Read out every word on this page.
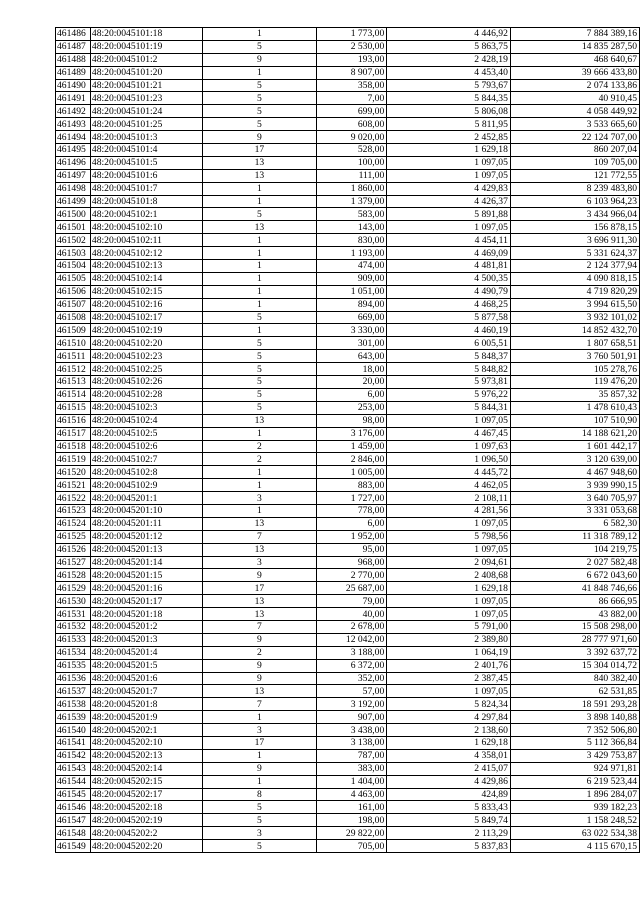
461486	48:20:0045101:18	1	1 773,00	4 446,92	7 884 389,16
461487	48:20:0045101:19	5	2 530,00	5 863,75	14 835 287,50
461488	48:20:0045101:2	9	193,00	2 428,19	468 640,67
461489	48:20:0045101:20	1	8 907,00	4 453,40	39 666 433,80
461490	48:20:0045101:21	5	358,00	5 793,67	2 074 133,86
461491	48:20:0045101:23	5	7,00	5 844,35	40 910,45
461492	48:20:0045101:24	5	699,00	5 806,08	4 058 449,92
461493	48:20:0045101:25	5	608,00	5 811,95	3 533 665,60
461494	48:20:0045101:3	9	9 020,00	2 452,85	22 124 707,00
461495	48:20:0045101:4	17	528,00	1 629,18	860 207,04
461496	48:20:0045101:5	13	100,00	1 097,05	109 705,00
461497	48:20:0045101:6	13	111,00	1 097,05	121 772,55
461498	48:20:0045101:7	1	1 860,00	4 429,83	8 239 483,80
461499	48:20:0045101:8	1	1 379,00	4 426,37	6 103 964,23
461500	48:20:0045102:1	5	583,00	5 891,88	3 434 966,04
461501	48:20:0045102:10	13	143,00	1 097,05	156 878,15
461502	48:20:0045102:11	1	830,00	4 454,11	3 696 911,30
461503	48:20:0045102:12	1	1 193,00	4 469,09	5 331 624,37
461504	48:20:0045102:13	1	474,00	4 481,81	2 124 377,94
461505	48:20:0045102:14	1	909,00	4 500,35	4 090 818,15
461506	48:20:0045102:15	1	1 051,00	4 490,79	4 719 820,29
461507	48:20:0045102:16	1	894,00	4 468,25	3 994 615,50
461508	48:20:0045102:17	5	669,00	5 877,58	3 932 101,02
461509	48:20:0045102:19	1	3 330,00	4 460,19	14 852 432,70
461510	48:20:0045102:20	5	301,00	6 005,51	1 807 658,51
461511	48:20:0045102:23	5	643,00	5 848,37	3 760 501,91
461512	48:20:0045102:25	5	18,00	5 848,82	105 278,76
461513	48:20:0045102:26	5	20,00	5 973,81	119 476,20
461514	48:20:0045102:28	5	6,00	5 976,22	35 857,32
461515	48:20:0045102:3	5	253,00	5 844,31	1 478 610,43
461516	48:20:0045102:4	13	98,00	1 097,05	107 510,90
461517	48:20:0045102:5	1	3 176,00	4 467,45	14 188 621,20
461518	48:20:0045102:6	2	1 459,00	1 097,63	1 601 442,17
461519	48:20:0045102:7	2	2 846,00	1 096,50	3 120 639,00
461520	48:20:0045102:8	1	1 005,00	4 445,72	4 467 948,60
461521	48:20:0045102:9	1	883,00	4 462,05	3 939 990,15
461522	48:20:0045201:1	3	1 727,00	2 108,11	3 640 705,97
461523	48:20:0045201:10	1	778,00	4 281,56	3 331 053,68
461524	48:20:0045201:11	13	6,00	1 097,05	6 582,30
461525	48:20:0045201:12	7	1 952,00	5 798,56	11 318 789,12
461526	48:20:0045201:13	13	95,00	1 097,05	104 219,75
461527	48:20:0045201:14	3	968,00	2 094,61	2 027 582,48
461528	48:20:0045201:15	9	2 770,00	2 408,68	6 672 043,60
461529	48:20:0045201:16	17	25 687,00	1 629,18	41 848 746,66
461530	48:20:0045201:17	13	79,00	1 097,05	86 666,95
461531	48:20:0045201:18	13	40,00	1 097,05	43 882,00
461532	48:20:0045201:2	7	2 678,00	5 791,00	15 508 298,00
461533	48:20:0045201:3	9	12 042,00	2 389,80	28 777 971,60
461534	48:20:0045201:4	2	3 188,00	1 064,19	3 392 637,72
461535	48:20:0045201:5	9	6 372,00	2 401,76	15 304 014,72
461536	48:20:0045201:6	9	352,00	2 387,45	840 382,40
461537	48:20:0045201:7	13	57,00	1 097,05	62 531,85
461538	48:20:0045201:8	7	3 192,00	5 824,34	18 591 293,28
461539	48:20:0045201:9	1	907,00	4 297,84	3 898 140,88
461540	48:20:0045202:1	3	3 438,00	2 138,60	7 352 506,80
461541	48:20:0045202:10	17	3 138,00	1 629,18	5 112 366,84
461542	48:20:0045202:13	1	787,00	4 358,01	3 429 753,87
461543	48:20:0045202:14	9	383,00	2 415,07	924 971,81
461544	48:20:0045202:15	1	1 404,00	4 429,86	6 219 523,44
461545	48:20:0045202:17	8	4 463,00	424,89	1 896 284,07
461546	48:20:0045202:18	5	161,00	5 833,43	939 182,23
461547	48:20:0045202:19	5	198,00	5 849,74	1 158 248,52
461548	48:20:0045202:2	3	29 822,00	2 113,29	63 022 534,38
461549	48:20:0045202:20	5	705,00	5 837,83	4 115 670,15
